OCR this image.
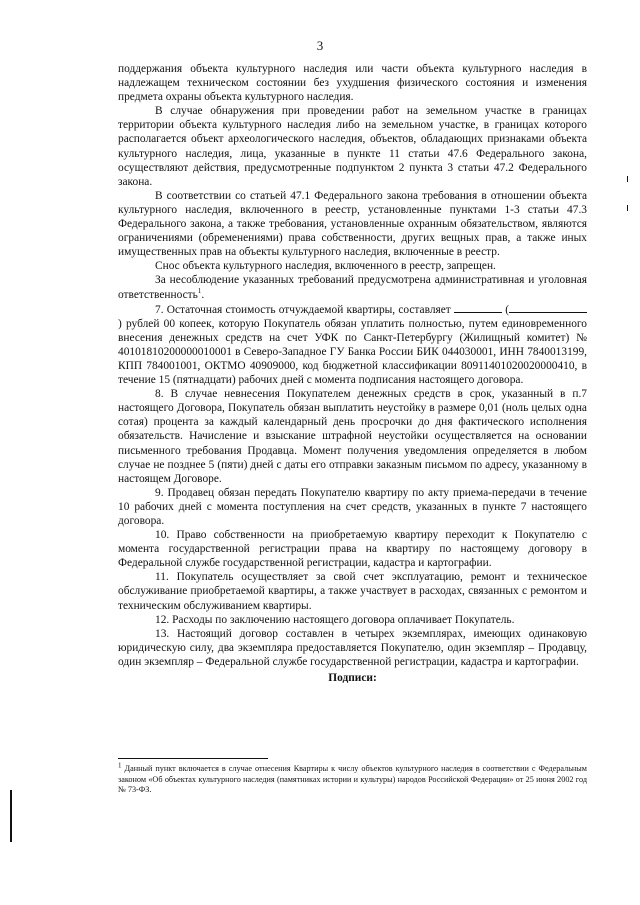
3

поддержания объекта культурного наследия или части объекта культурного наследия в надлежащем техническом состоянии без ухудшения физического состояния и изменения предмета охраны объекта культурного наследия.

В случае обнаружения при проведении работ на земельном участке в границах территории объекта культурного наследия либо на земельном участке, в границах которого располагается объект археологического наследия, объектов, обладающих признаками объекта культурного наследия, лица, указанные в пункте 11 статьи 47.6 Федерального закона, осуществляют действия, предусмотренные подпунктом 2 пункта 3 статьи 47.2 Федерального закона.

В соответствии со статьей 47.1 Федерального закона требования в отношении объекта культурного наследия, включенного в реестр, установленные пунктами 1-3 статьи 47.3 Федерального закона, а также требования, установленные охранным обязательством, являются ограничениями (обременениями) права собственности, других вещных прав, а также иных имущественных прав на объекты культурного наследия, включенные в реестр.

Снос объекта культурного наследия, включенного в реестр, запрещен.

За несоблюдение указанных требований предусмотрена административная и уголовная ответственность$^1$.

7. Остаточная стоимость отчуждаемой квартиры, составляет	() рублей 00 копеек, которую Покупатель обязан уплатить полностью, путем единовременного внесения денежных средств на счет УФК по Санкт-Петербургу (Жилищный комитет) № 40101810200000010001 в Северо-Западное ГУ Банка России БИК 044030001, ИНН 7840013199, КПП 784001001, ОКТМО 40909000, код бюджетной классификации 80911401020020000410, в течение 15 (пятнадцати) рабочих дней с момента подписания настоящего договора.

8. В случае невнесения Покупателем денежных средств в срок, указанный в п.7 настоящего Договора, Покупатель обязан выплатить неустойку в размере 0,01 (ноль целых одна сотая) процента за каждый календарный день просрочки до дня фактического исполнения обязательств. Начисление и взыскание штрафной неустойки осуществляется на основании письменного требования Продавца. Момент получения уведомления определяется в любом случае не позднее 5 (пяти) дней с даты его отправки заказным письмом по адресу, указанному в настоящем Договоре.

9. Продавец обязан передать Покупателю квартиру по акту приема-передачи в течение 10 рабочих дней с момента поступления на счет средств, указанных в пункте 7 настоящего договора.

10. Право собственности на приобретаемую квартиру переходит к Покупателю с момента государственной регистрации права на квартиру по настоящему договору в Федеральной службе государственной регистрации, кадастра и картографии.

11. Покупатель осуществляет за свой счет эксплуатацию, ремонт и техническое обслуживание приобретаемой квартиры, а также участвует в расходах, связанных с ремонтом и техническим обслуживанием квартиры.

12. Расходы по заключению настоящего договора оплачивает Покупатель.

13. Настоящий договор составлен в четырех экземплярах, имеющих одинаковую юридическую силу, два экземпляра предоставляется Покупателю, один экземпляр – Продавцу, один экземпляр – Федеральной службе государственной регистрации, кадастра и картографии.

Подписи:

$^1$ Данный пункт включается в случае отнесения Квартиры к числу объектов культурного наследия в соответствии с Федеральным законом «Об объектах культурного наследия (памятниках истории и культуры) народов Российской Федерации» от 25 июня 2002 год № 73-ФЗ.
